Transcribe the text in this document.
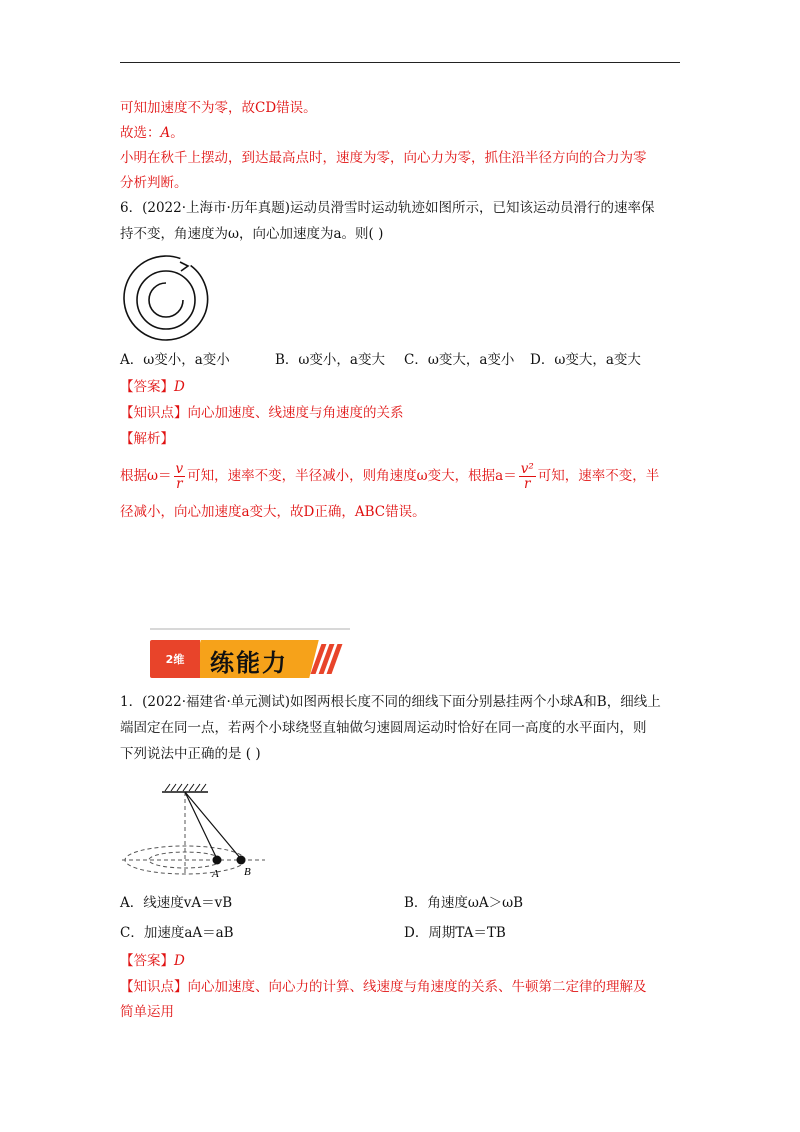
可知加速度不为零，故CD错误。
故选：A。
小明在秋千上摆动，到达最高点时，速度为零，向心力为零，抓住沿半径方向的合力为零
分析判断。
6．(2022·上海市·历年真题)运动员滑雪时运动轨迹如图所示，已知该运动员滑行的速率保
持不变，角速度为ω，向心加速度为a。则( )
A．ω变小，a变小	B．ω变小，a变大 C．ω变大，a变小 D．ω变大，a变大
【答案】D
【知识点】向心加速度、线速度与角速度的关系
【解析】
根据$\omega= \frac{v}{r}$ 可知，速率不变，半径减小，则角速度ω变大，根据$a= \frac{\text{v²}}{r}$ 可知，速率不变，半
径减小，向心加速度a变大，故D正确，ABC错误。
2维	练能力
1．(2022·福建省·单元测试)如图两根长度不同的细线下面分别悬挂两个小球A和B，细线上
端固定在同一点，若两个小球绕竖直轴做匀速圆周运动时恰好在同一高度的水平面内，则
下列说法中正确的是 ( )
A B
A．线速度vA＝vB	B．角速度ωA＞ωB
C．加速度aA＝aB	D．周期TA＝TB
【答案】D
【知识点】向心加速度、向心力的计算、线速度与角速度的关系、牛顿第二定律的理解及
简单运用
